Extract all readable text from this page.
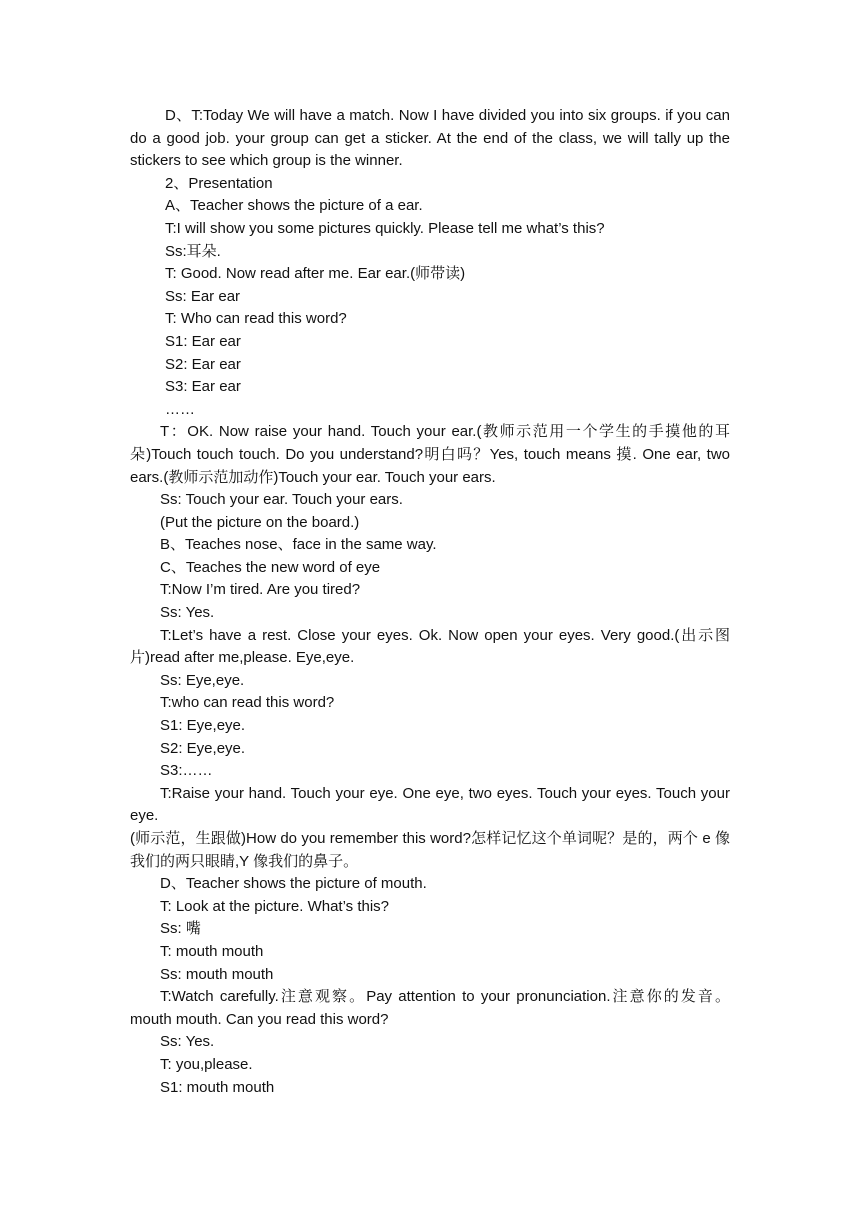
D、T:Today We will have a match. Now I have divided you into six groups. if you can do a good job. your group can get a sticker. At the end of the class, we will tally up the stickers to see which group is the winner.

2、Presentation

A、Teacher shows the picture of a ear.

T:I will show you some pictures quickly. Please tell me what’s this?

Ss:耳朵.

T: Good. Now read after me. Ear ear.(师带读)

Ss: Ear ear

T: Who can read this word?

S1: Ear ear

S2: Ear ear

S3: Ear ear

……

T：OK. Now raise your hand. Touch your ear.(教师示范用一个学生的手摸他的耳朵)Touch touch touch. Do you understand?明白吗？Yes, touch means 摸. One ear, two ears.(教师示范加动作)Touch your ear. Touch your ears.

Ss: Touch your ear. Touch your ears.

(Put the picture on the board.)

B、Teaches nose、face in the same way.

C、Teaches the new word of eye

T:Now I’m tired. Are you tired?

Ss: Yes.

T:Let’s have a rest. Close your eyes. Ok. Now open your eyes. Very good.(出示图片)read after me,please. Eye,eye.

Ss: Eye,eye.

T:who can read this word?

S1: Eye,eye.

S2: Eye,eye.

S3:……

T:Raise your hand. Touch your eye. One eye, two eyes. Touch your eyes. Touch your eye.

(师示范，生跟做)How do you remember this word?怎样记忆这个单词呢？是的，两个 e 像我们的两只眼睛,Y 像我们的鼻子。

D、Teacher shows the picture of mouth.

T: Look at the picture. What’s this?

Ss: 嘴

T: mouth mouth

Ss: mouth mouth

T:Watch carefully.注意观察。Pay attention to your pronunciation.注意你的发音。mouth mouth. Can you read this word?

Ss: Yes.

T: you,please.

S1: mouth mouth
